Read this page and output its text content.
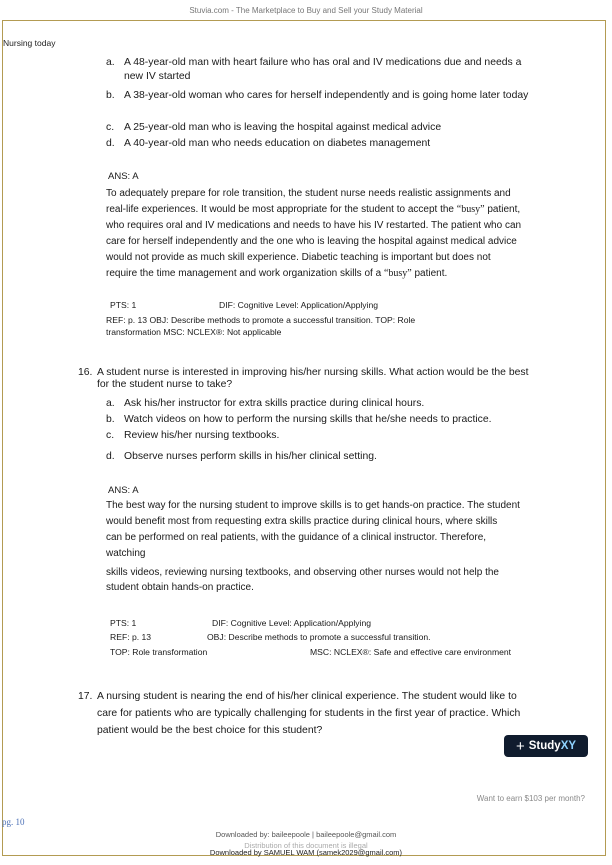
Stuvia.com - The Marketplace to Buy and Sell your Study Material
Nursing today
a. A 48-year-old man with heart failure who has oral and IV medications due and needs a
new IV started
b. A 38-year-old woman who cares for herself independently and is going home later today
c. A 25-year-old man who is leaving the hospital against medical advice
d. A 40-year-old man who needs education on diabetes management
ANS: A
To adequately prepare for role transition, the student nurse needs realistic assignments and
real-life experiences. It would be most appropriate for the student to accept the “busy” patient,
who requires oral and IV medications and needs to have his IV restarted. The patient who can
care for herself independently and the one who is leaving the hospital against medical advice
would not provide as much skill experience. Diabetic teaching is important but does not
require the time management and work organization skills of a “busy” patient.
PTS: 1	DIF: Cognitive Level: Application/Applying
REF: p. 13 OBJ: Describe methods to promote a successful transition. TOP: Role
transformation MSC: NCLEX®: Not applicable
16. A student nurse is interested in improving his/her nursing skills. What action would be the best
for the student nurse to take?
a. Ask his/her instructor for extra skills practice during clinical hours.
b. Watch videos on how to perform the nursing skills that he/she needs to practice.
c. Review his/her nursing textbooks.
d. Observe nurses perform skills in his/her clinical setting.
ANS: A
The best way for the nursing student to improve skills is to get hands-on practice. The student
would benefit most from requesting extra skills practice during clinical hours, where skills
can be performed on real patients, with the guidance of a clinical instructor. Therefore,
watching
skills videos, reviewing nursing textbooks, and observing other nurses would not help the
student obtain hands-on practice.
PTS: 1	DIF: Cognitive Level: Application/Applying
REF: p. 13	OBJ: Describe methods to promote a successful transition.
TOP: Role transformation	MSC: NCLEX®: Safe and effective care environment
17. A nursing student is nearing the end of his/her clinical experience. The student would like to
care for patients who are typically challenging for students in the first year of practice. Which
patient would be the best choice for this student?
+ Study XY
Want to earn $103 per month?
pg. 10
Downloaded by: baileepoole | baileepoole@gmail.com
Distribution of this document is illegal
Downloaded by SAMUEL WAM (samek2029@gmail.com)
